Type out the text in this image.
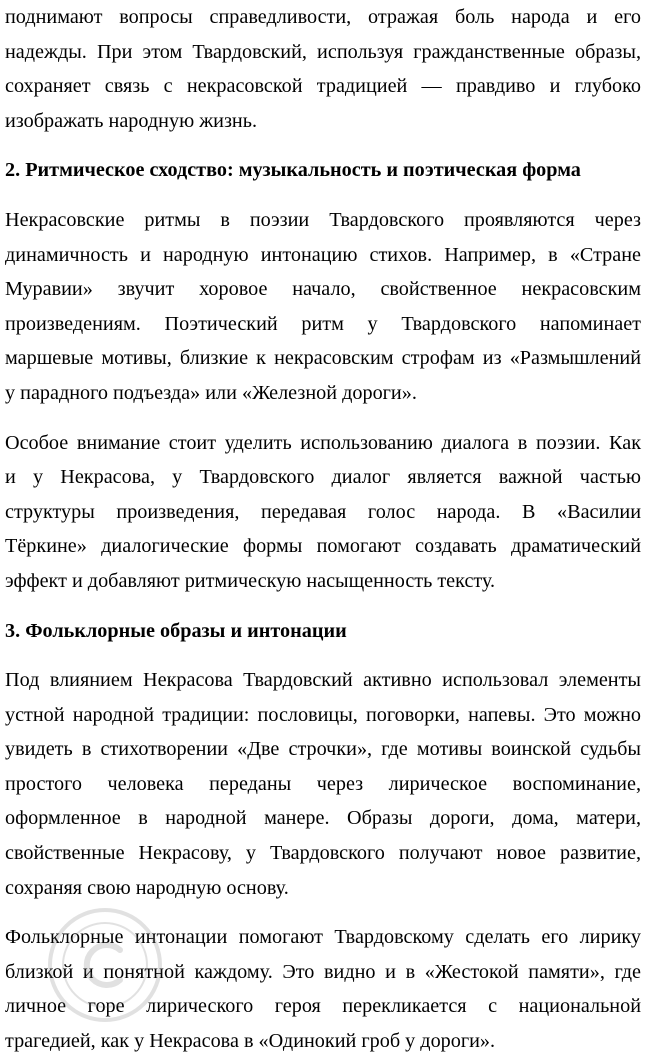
поднимают вопросы справедливости, отражая боль народа и его
надежды. При этом Твардовский, используя гражданственные образы,
сохраняет связь с некрасовской традицией — правдиво и глубоко
изображать народную жизнь.
2. Ритмическое сходство: музыкальность и поэтическая форма
Некрасовские ритмы в поэзии Твардовского проявляются через
динамичность и народную интонацию стихов. Например, в «Стране
Муравии» звучит хоровое начало, свойственное некрасовским
произведениям. Поэтический ритм у Твардовского напоминает
маршевые мотивы, близкие к некрасовским строфам из «Размышлений
у парадного подъезда» или «Железной дороги».
Особое внимание стоит уделить использованию диалога в поэзии. Как
и у Некрасова, у Твардовского диалог является важной частью
структуры произведения, передавая голос народа. В «Василии
Тёркине» диалогические формы помогают создавать драматический
эффект и добавляют ритмическую насыщенность тексту.
3. Фольклорные образы и интонации
Под влиянием Некрасова Твардовский активно использовал элементы
устной народной традиции: пословицы, поговорки, напевы. Это можно
увидеть в стихотворении «Две строчки», где мотивы воинской судьбы
простого человека переданы через лирическое воспоминание,
оформленное в народной манере. Образы дороги, дома, матери,
свойственные Некрасову, у Твардовского получают новое развитие,
сохраняя свою народную основу.
Фольклорные интонации помогают Твардовскому сделать его лирику
близкой и понятной каждому. Это видно и в «Жестокой памяти», где
личное горе лирического героя перекликается с национальной
трагедией, как у Некрасова в «Одинокий гроб у дороги».
